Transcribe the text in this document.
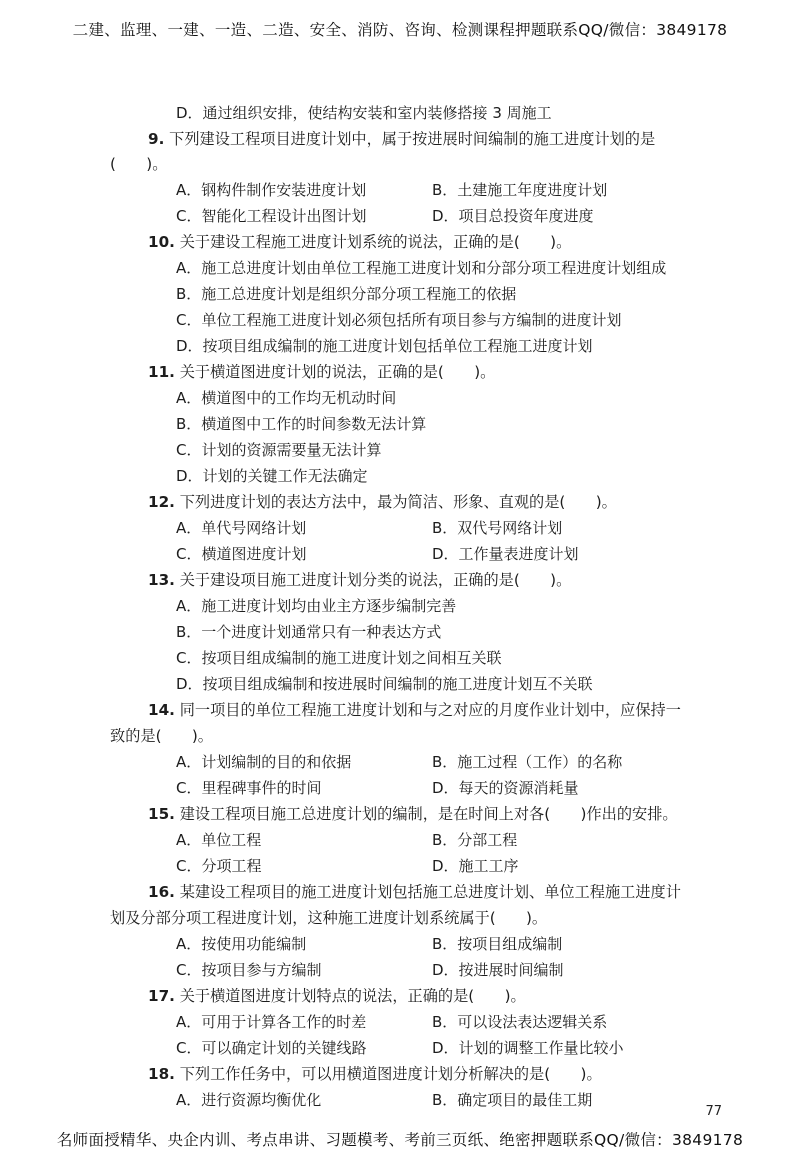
二建、监理、一建、一造、二造、安全、消防、咨询、检测课程押题联系QQ/微信：3849178
D．通过组织安排，使结构安装和室内装修搭接 3 周施工
9. 下列建设工程项目进度计划中，属于按进展时间编制的施工进度计划的是
(　　)。
A．钢构件制作安装进度计划	B．土建施工年度进度计划
C．智能化工程设计出图计划	D．项目总投资年度进度
10. 关于建设工程施工进度计划系统的说法，正确的是(　　)。
A．施工总进度计划由单位工程施工进度计划和分部分项工程进度计划组成
B．施工总进度计划是组织分部分项工程施工的依据
C．单位工程施工进度计划必须包括所有项目参与方编制的进度计划
D．按项目组成编制的施工进度计划包括单位工程施工进度计划
11. 关于横道图进度计划的说法，正确的是(　　)。
A．横道图中的工作均无机动时间
B．横道图中工作的时间参数无法计算
C．计划的资源需要量无法计算
D．计划的关键工作无法确定
12. 下列进度计划的表达方法中，最为简洁、形象、直观的是(　　)。
A．单代号网络计划	B．双代号网络计划
C．横道图进度计划	D．工作量表进度计划
13. 关于建设项目施工进度计划分类的说法，正确的是(　　)。
A．施工进度计划均由业主方逐步编制完善
B．一个进度计划通常只有一种表达方式
C．按项目组成编制的施工进度计划之间相互关联
D．按项目组成编制和按进展时间编制的施工进度计划互不关联
14. 同一项目的单位工程施工进度计划和与之对应的月度作业计划中，应保持一
致的是(　　)。
A．计划编制的目的和依据	B．施工过程（工作）的名称
C．里程碑事件的时间	D．每天的资源消耗量
15. 建设工程项目施工总进度计划的编制，是在时间上对各(　　)作出的安排。
A．单位工程	B．分部工程
C．分项工程	D．施工工序
16. 某建设工程项目的施工进度计划包括施工总进度计划、单位工程施工进度计
划及分部分项工程进度计划，这种施工进度计划系统属于(　　)。
A．按使用功能编制	B．按项目组成编制
C．按项目参与方编制	D．按进展时间编制
17. 关于横道图进度计划特点的说法，正确的是(　　)。
A．可用于计算各工作的时差	B．可以设法表达逻辑关系
C．可以确定计划的关键线路	D．计划的调整工作量比较小
18. 下列工作任务中，可以用横道图进度计划分析解决的是(　　)。
A．进行资源均衡优化	B．确定项目的最佳工期
77
名师面授精华、央企内训、考点串讲、习题模考、考前三页纸、绝密押题联系QQ/微信：3849178
